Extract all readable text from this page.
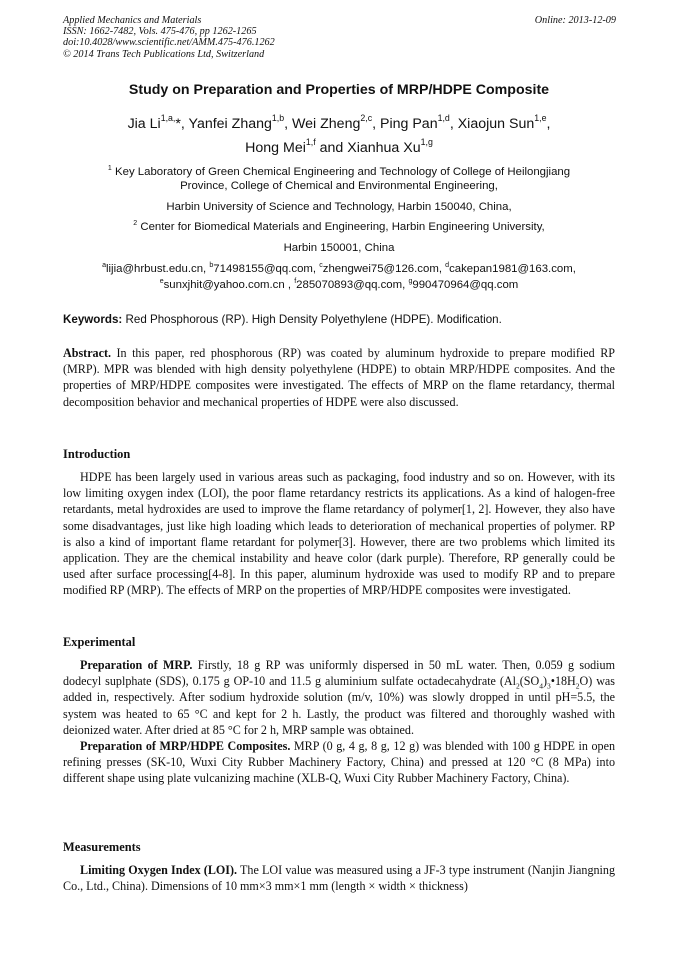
Applied Mechanics and Materials
ISSN: 1662-7482, Vols. 475-476, pp 1262-1265
doi:10.4028/www.scientific.net/AMM.475-476.1262
© 2014 Trans Tech Publications Ltd, Switzerland
Online: 2013-12-09
Study on Preparation and Properties of MRP/HDPE Composite
Jia $Li^{1,a,}*$, Yanfei Zhang$^{1,b}$, Wei Zheng$^{2,c}$, Ping Pan$^{1,d}$, Xiaojun Sun$^{1,e}$,
Hong Mei$^{1,f}$ and Xianhua Xu$^{1,g}$
$^1$ Key Laboratory of Green Chemical Engineering and Technology of College of Heilongjiang
Province, College of Chemical and Environmental Engineering,
Harbin University of Science and Technology, Harbin 150040, China,
$^2$ Center for Biomedical Materials and Engineering, Harbin Engineering University,
Harbin 150001, China
$^a$lijia@hrbust.edu.cn, $^b$71498155@qq.com, $^c$zhengwei75@126.com, $^d$cakepan1981@163.com,
$^e$sunxjhit@yahoo.com.cn , $^f$285070893@qq.com, $^g$990470964@qq.com
Keywords: Red Phosphorous (RP). High Density Polyethylene (HDPE). Modification.

Abstract. In this paper, red phosphorous (RP) was coated by aluminum hydroxide to prepare modified RP (MRP). MPR was blended with high density polyethylene (HDPE) to obtain MRP/HDPE composites. And the properties of MRP/HDPE composites were investigated. The effects of MRP on the flame retardancy, thermal decomposition behavior and mechanical properties of HDPE were also discussed.

Introduction

HDPE has been largely used in various areas such as packaging, food industry and so on. However, with its low limiting oxygen index (LOI), the poor flame retardancy restricts its applications. As a kind of halogen-free retardants, metal hydroxides are used to improve the flame retardancy of polymer[1, 2]. However, they also have some disadvantages, just like high loading which leads to deterioration of mechanical properties of polymer. RP is also a kind of important flame retardant for polymer[3]. However, there are two problems which limited its application. They are the chemical instability and heave color (dark purple). Therefore, RP generally could be used after surface processing[4-8]. In this paper, aluminum hydroxide was used to modify RP and to prepare modified RP (MRP). The effects of MRP on the properties of MRP/HDPE composites were investigated.

Experimental

Preparation of MRP. Firstly, 18 g RP was uniformly dispersed in 50 mL water. Then, 0.059 g sodium dodecyl suplphate (SDS), 0.175 g OP-10 and 11.5 g aluminium sulfate octadecahydrate $(Al_2(SO_4)_3•18H_2O)$ was added in, respectively. After sodium hydroxide solution (m/v, 10%) was slowly dropped in until pH=5.5, the system was heated to 65 °C and kept for 2 h. Lastly, the product was filtered and thoroughly washed with deionized water. After dried at 85 °C for 2 h, MRP sample was obtained.

Preparation of MRP/HDPE Composites. MRP (0 g, 4 g, 8 g, 12 g) was blended with 100 g HDPE in open refining presses (SK-10, Wuxi City Rubber Machinery Factory, China) and pressed at 120 °C (8 MPa) into different shape using plate vulcanizing machine (XLB-Q, Wuxi City Rubber Machinery Factory, China).

Measurements

Limiting Oxygen Index (LOI). The LOI value was measured using a JF-3 type instrument (Nanjin Jiangning Co., Ltd., China). Dimensions of 10 mm×3 mm×1 mm (length × width × thickness)
